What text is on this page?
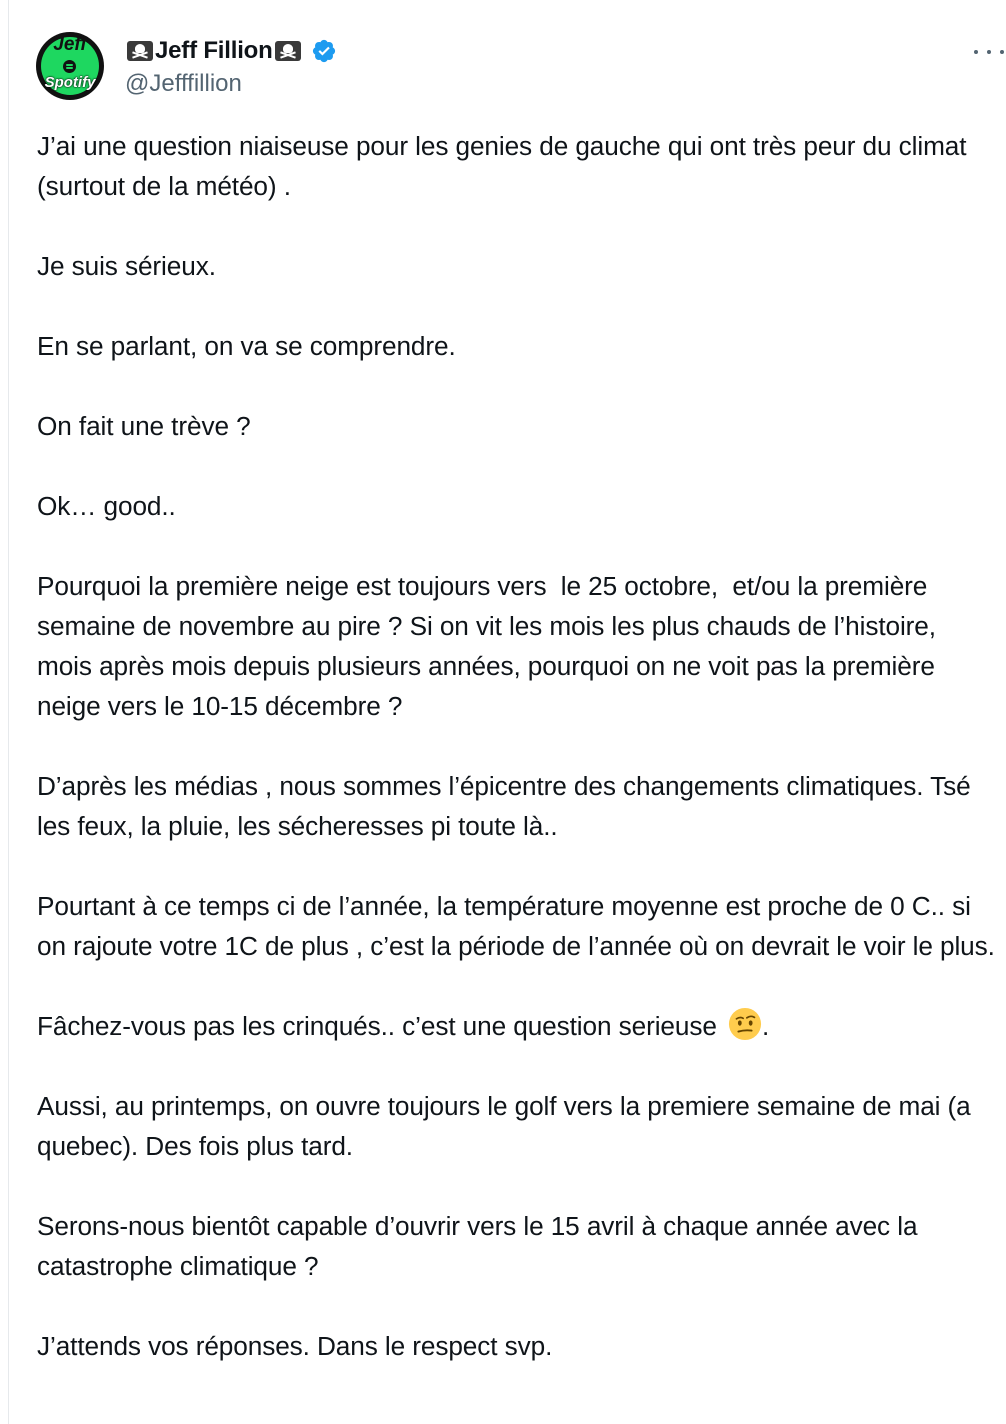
Jeff
Spotify
Jeff Fillion
@Jefffillion

J’ai une question niaiseuse pour les genies de gauche qui ont très peur du climat (surtout de la météo) .

Je suis sérieux.

En se parlant, on va se comprendre.

On fait une trève ?

Ok… good..

Pourquoi la première neige est toujours vers  le 25 octobre,  et/ou la première semaine de novembre au pire ? Si on vit les mois les plus chauds de l’histoire, mois après mois depuis plusieurs années, pourquoi on ne voit pas la première neige vers le 10-15 décembre ?

D’après les médias , nous sommes l’épicentre des changements climatiques. Tsé les feux, la pluie, les sécheresses pi toute là..

Pourtant à ce temps ci de l’année, la température moyenne est proche de 0 C.. si on rajoute votre 1C de plus , c’est la période de l’année où on devrait le voir le plus.

Fâchez-vous pas les crinqués.. c’est une question serieuse .

Aussi, au printemps, on ouvre toujours le golf vers la premiere semaine de mai (a quebec). Des fois plus tard.

Serons-nous bientôt capable d’ouvrir vers le 15 avril à chaque année avec la catastrophe climatique ?

J’attends vos réponses. Dans le respect svp.
